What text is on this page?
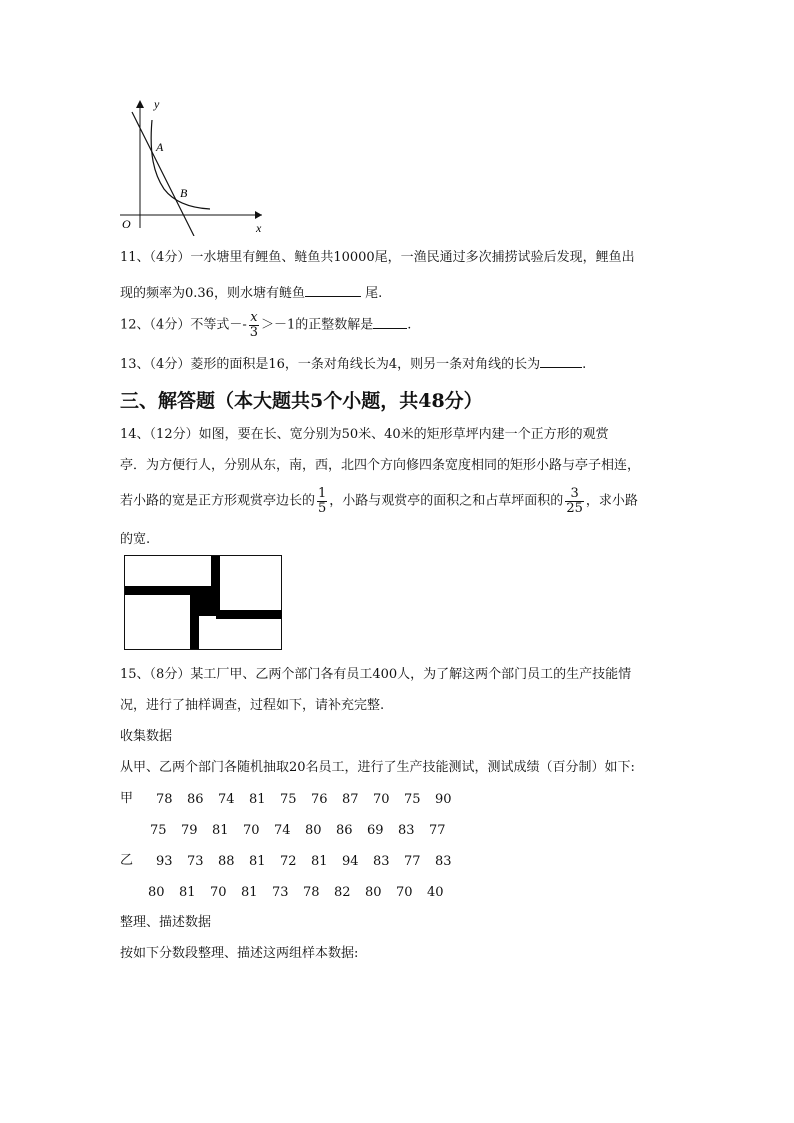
y
A
B
O	x
11、（4分）一水塘里有鲤鱼、鲢鱼共10000尾，一渔民通过多次捕捞试验后发现，鲤鱼出
现的频率为0.36，则水塘有鲢鱼	尾.
12、（4分）不等式－- $\frac{x}{3} >-1$的正整数解是	.
13、（4分）菱形的面积是16，一条对角线长为4，则另一条对角线的长为	.
三、解答题（本大题共5个小题，共48分）
14、（12分）如图，要在长、宽分别为50米、40米的矩形草坪内建一个正方形的观赏
亭．为方便行人，分别从东，南，西，北四个方向修四条宽度相同的矩形小路与亭子相连，
若小路的宽是正方形观赏亭边长的 $\frac{1}{5}$ ，小路与观赏亭的面积之和占草坪面积的 $\frac{3}{25}$ ，求小路
的宽.
15、（8分）某工厂甲、乙两个部门各有员工400人，为了解这两个部门员工的生产技能情
况，进行了抽样调查，过程如下，请补充完整.
收集数据
从甲、乙两个部门各随机抽取20名员工，进行了生产技能测试，测试成绩（百分制）如下:
甲 78 86 74 81 75 76 87 70 75 90
75 79 81 70 74 80 86 69 83 77
乙 93 73 88 81 72 81 94 83 77 83
80 81 70 81 73 78 82 80 70 40
整理、描述数据
按如下分数段整理、描述这两组样本数据:
